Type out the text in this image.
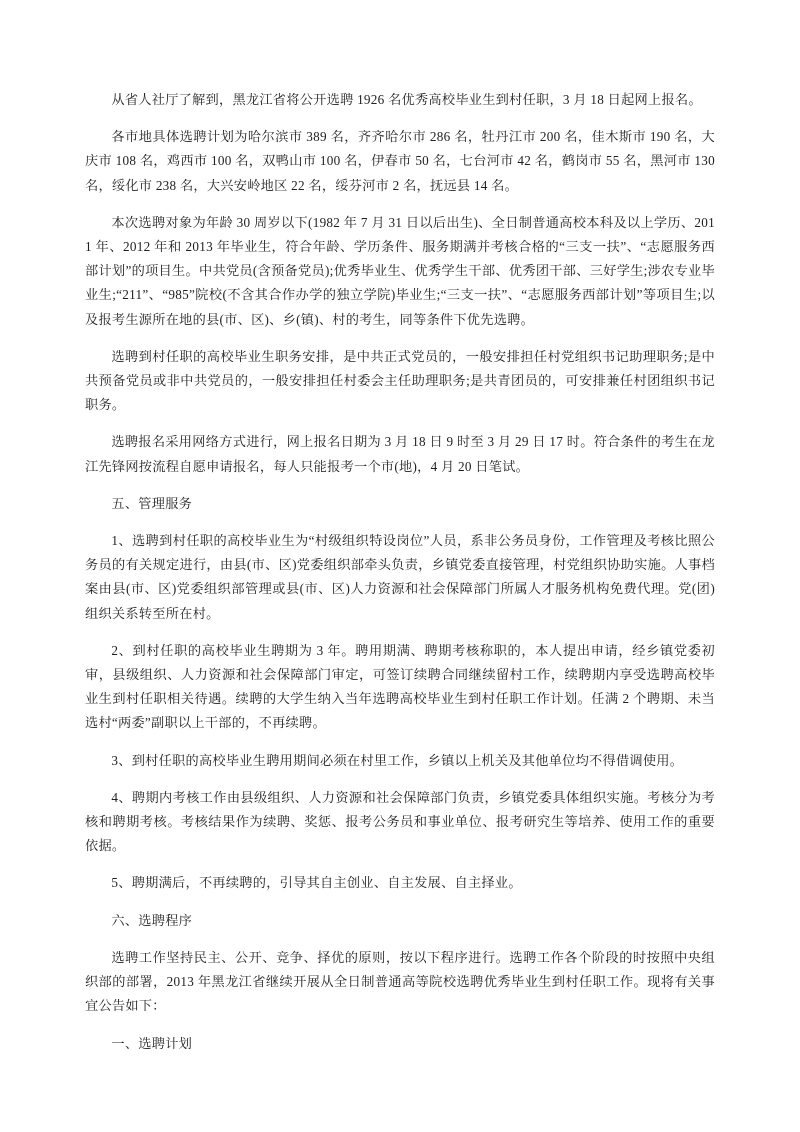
从省人社厅了解到，黑龙江省将公开选聘 1926 名优秀高校毕业生到村任职，3 月 18 日起网上报名。

各市地具体选聘计划为哈尔滨市 389 名，齐齐哈尔市 286 名，牡丹江市 200 名，佳木斯市 190 名，大庆市 108 名，鸡西市 100 名，双鸭山市 100 名，伊春市 50 名，七台河市 42 名，鹤岗市 55 名，黑河市 130 名，绥化市 238 名，大兴安岭地区 22 名，绥芬河市 2 名，抚远县 14 名。

本次选聘对象为年龄 30 周岁以下(1982 年 7 月 31 日以后出生)、全日制普通高校本科及以上学历、2011 年、2012 年和 2013 年毕业生，符合年龄、学历条件、服务期满并考核合格的“三支一扶”、“志愿服务西部计划”的项目生。中共党员(含预备党员);优秀毕业生、优秀学生干部、优秀团干部、三好学生;涉农专业毕业生;“211”、“985”院校(不含其合作办学的独立学院)毕业生;“三支一扶”、“志愿服务西部计划”等项目生;以及报考生源所在地的县(市、区)、乡(镇)、村的考生，同等条件下优先选聘。

选聘到村任职的高校毕业生职务安排，是中共正式党员的，一般安排担任村党组织书记助理职务;是中共预备党员或非中共党员的，一般安排担任村委会主任助理职务;是共青团员的，可安排兼任村团组织书记职务。

选聘报名采用网络方式进行，网上报名日期为 3 月 18 日 9 时至 3 月 29 日 17 时。符合条件的考生在龙江先锋网按流程自愿申请报名，每人只能报考一个市(地)，4 月 20 日笔试。

五、管理服务

1、选聘到村任职的高校毕业生为“村级组织特设岗位”人员，系非公务员身份，工作管理及考核比照公务员的有关规定进行，由县(市、区)党委组织部牵头负责，乡镇党委直接管理，村党组织协助实施。人事档案由县(市、区)党委组织部管理或县(市、区)人力资源和社会保障部门所属人才服务机构免费代理。党(团)组织关系转至所在村。

2、到村任职的高校毕业生聘期为 3 年。聘用期满、聘期考核称职的，本人提出申请，经乡镇党委初审，县级组织、人力资源和社会保障部门审定，可签订续聘合同继续留村工作，续聘期内享受选聘高校毕业生到村任职相关待遇。续聘的大学生纳入当年选聘高校毕业生到村任职工作计划。任满 2 个聘期、未当选村“两委”副职以上干部的，不再续聘。

3、到村任职的高校毕业生聘用期间必须在村里工作，乡镇以上机关及其他单位均不得借调使用。

4、聘期内考核工作由县级组织、人力资源和社会保障部门负责，乡镇党委具体组织实施。考核分为考核和聘期考核。考核结果作为续聘、奖惩、报考公务员和事业单位、报考研究生等培养、使用工作的重要依据。

5、聘期满后，不再续聘的，引导其自主创业、自主发展、自主择业。

六、选聘程序

选聘工作坚持民主、公开、竞争、择优的原则，按以下程序进行。选聘工作各个阶段的时按照中央组织部的部署，2013 年黑龙江省继续开展从全日制普通高等院校选聘优秀毕业生到村任职工作。现将有关事宜公告如下：

一、选聘计划
